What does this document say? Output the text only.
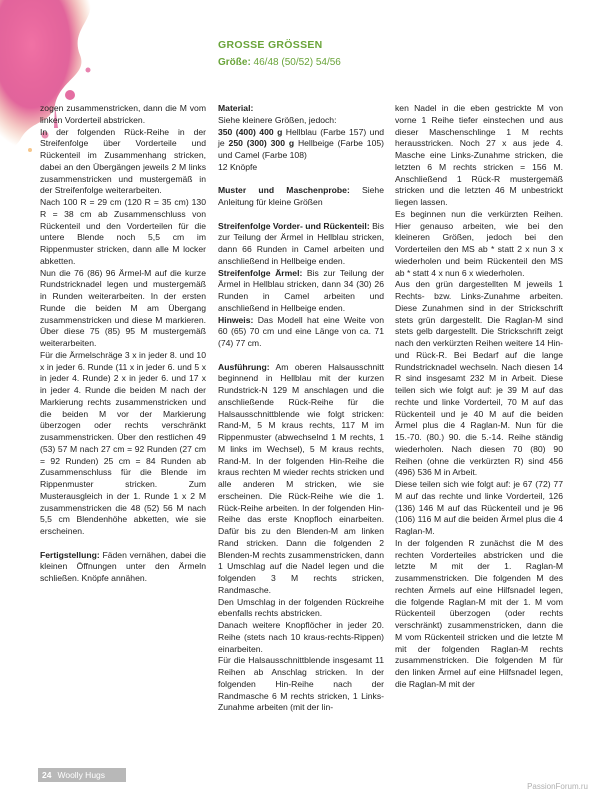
GROSSE GRÖSSEN
Größe: 46/48 (50/52) 54/56

zogen zusammenstricken, dann die M vom linken Vorderteil abstricken.

In der folgenden Rück-Reihe in der Streifenfolge über Vorderteile und Rückenteil im Zusammenhang stricken, dabei an den Übergängen jeweils 2 M links zusammenstricken und mustergemäß in der Streifenfolge weiterarbeiten.

Nach 100 R = 29 cm (120 R = 35 cm) 130 R = 38 cm ab Zusammenschluss von Rückenteil und den Vorderteilen für die untere Blende noch 5,5 cm im Rippenmuster stricken, dann alle M locker abketten.

Nun die 76 (86) 96 Ärmel-M auf die kurze Rundstricknadel legen und mustergemäß in Runden weiterarbeiten. In der ersten Runde die beiden M am Übergang zusammenstricken und diese M markieren. Über diese 75 (85) 95 M mustergemäß weiterarbeiten.

Für die Ärmelschräge 3 x in jeder 8. und 10 x in jeder 6. Runde (11 x in jeder 6. und 5 x in jeder 4. Runde) 2 x in jeder 6. und 17 x in jeder 4. Runde die beiden M nach der Markierung rechts zusammenstricken und die beiden M vor der Markierung überzogen oder rechts verschränkt zusammenstricken. Über den restlichen 49 (53) 57 M nach 27 cm = 92 Runden (27 cm = 92 Runden) 25 cm = 84 Runden ab Zusammenschluss für die Blende im Rippenmuster stricken. Zum Musterausgleich in der 1. Runde 1 x 2 M zusammenstricken die 48 (52) 56 M nach 5,5 cm Blendenhöhe abketten, wie sie erscheinen.

Fertigstellung: Fäden vernähen, dabei die kleinen Öffnungen unter den Ärmeln schließen. Knöpfe annähen.

Material:
Siehe kleinere Größen, jedoch:
350 (400) 400 g Hellblau (Farbe 157) und je 250 (300) 300 g Hellbeige (Farbe 105) und Camel (Farbe 108)
12 Knöpfe

Muster und Maschenprobe: Siehe Anleitung für kleine Größen

Streifenfolge Vorder- und Rückenteil: Bis zur Teilung der Ärmel in Hellblau stricken, dann 66 Runden in Camel arbeiten und anschließend in Hellbeige enden.

Streifenfolge Ärmel: Bis zur Teilung der Ärmel in Hellblau stricken, dann 34 (30) 26 Runden in Camel arbeiten und anschließend in Hellbeige enden.

Hinweis: Das Modell hat eine Weite von 60 (65) 70 cm und eine Länge von ca. 71 (74) 77 cm.

Ausführung: Am oberen Halsausschnitt beginnend in Hellblau mit der kurzen Rundstrick-N 129 M anschlagen und die anschließende Rück-Reihe für die Halsausschnittblende wie folgt stricken: Rand-M, 5 M kraus rechts, 117 M im Rippenmuster (abwechselnd 1 M rechts, 1 M links im Wechsel), 5 M kraus rechts, Rand-M. In der folgenden Hin-Reihe die kraus rechten M wieder rechts stricken und alle anderen M stricken, wie sie erscheinen. Die Rück-Reihe wie die 1. Rück-Reihe arbeiten. In der folgenden Hin-Reihe das erste Knopfloch einarbeiten. Dafür bis zu den Blenden-M am linken Rand stricken. Dann die folgenden 2 Blenden-M rechts zusammenstricken, dann 1 Umschlag auf die Nadel legen und die folgenden 3 M rechts stricken, Randmasche.

Den Umschlag in der folgenden Rückreihe ebenfalls rechts abstricken.

Danach weitere Knopflöcher in jeder 20. Reihe (stets nach 10 kraus-rechts-Rippen) einarbeiten.

Für die Halsausschnittblende insgesamt 11 Reihen ab Anschlag stricken. In der folgenden Hin-Reihe nach der Randmasche 6 M rechts stricken, 1 Links-Zunahme arbeiten (mit der lin-

ken Nadel in die eben gestrickte M von vorne 1 Reihe tiefer einstechen und aus dieser Maschenschlinge 1 M rechts herausstricken. Noch 27 x aus jede 4. Masche eine Links-Zunahme stricken, die letzten 6 M rechts stricken = 156 M. Anschließend 1 Rück-R mustergemäß stricken und die letzten 46 M unbestrickt liegen lassen.

Es beginnen nun die verkürzten Reihen. Hier genauso arbeiten, wie bei den kleineren Größen, jedoch bei den Vorderteilen den MS ab * statt 2 x nun 3 x wiederholen und beim Rückenteil den MS ab * statt 4 x nun 6 x wiederholen.

Aus den grün dargestellten M jeweils 1 Rechts- bzw. Links-Zunahme arbeiten. Diese Zunahmen sind in der Strickschrift stets grün dargestellt. Die Raglan-M sind stets gelb dargestellt. Die Strickschrift zeigt nach den verkürzten Reihen weitere 14 Hin- und Rück-R. Bei Bedarf auf die lange Rundstricknadel wechseln. Nach diesen 14 R sind insgesamt 232 M in Arbeit. Diese teilen sich wie folgt auf: je 39 M auf das rechte und linke Vorderteil, 70 M auf das Rückenteil und je 40 M auf die beiden Ärmel plus die 4 Raglan-M. Nun für die 15.-70. (80.) 90. die 5.-14. Reihe ständig wiederholen. Nach diesen 70 (80) 90 Reihen (ohne die verkürzten R) sind 456 (496) 536 M in Arbeit.

Diese teilen sich wie folgt auf: je 67 (72) 77 M auf das rechte und linke Vorderteil, 126 (136) 146 M auf das Rückenteil und je 96 (106) 116 M auf die beiden Ärmel plus die 4 Raglan-M.

In der folgenden R zunächst die M des rechten Vorderteiles abstricken und die letzte M mit der 1. Raglan-M zusammenstricken. Die folgenden M des rechten Ärmels auf eine Hilfsnadel legen, die folgende Raglan-M mit der 1. M vom Rückenteil überzogen (oder rechts verschränkt) zusammenstricken, dann die M vom Rückenteil stricken und die letzte M mit der folgenden Raglan-M rechts zusammenstricken. Die folgenden M für den linken Ärmel auf eine Hilfsnadel legen, die Raglan-M mit der

24 Woolly Hugs
PassionForum.ru
